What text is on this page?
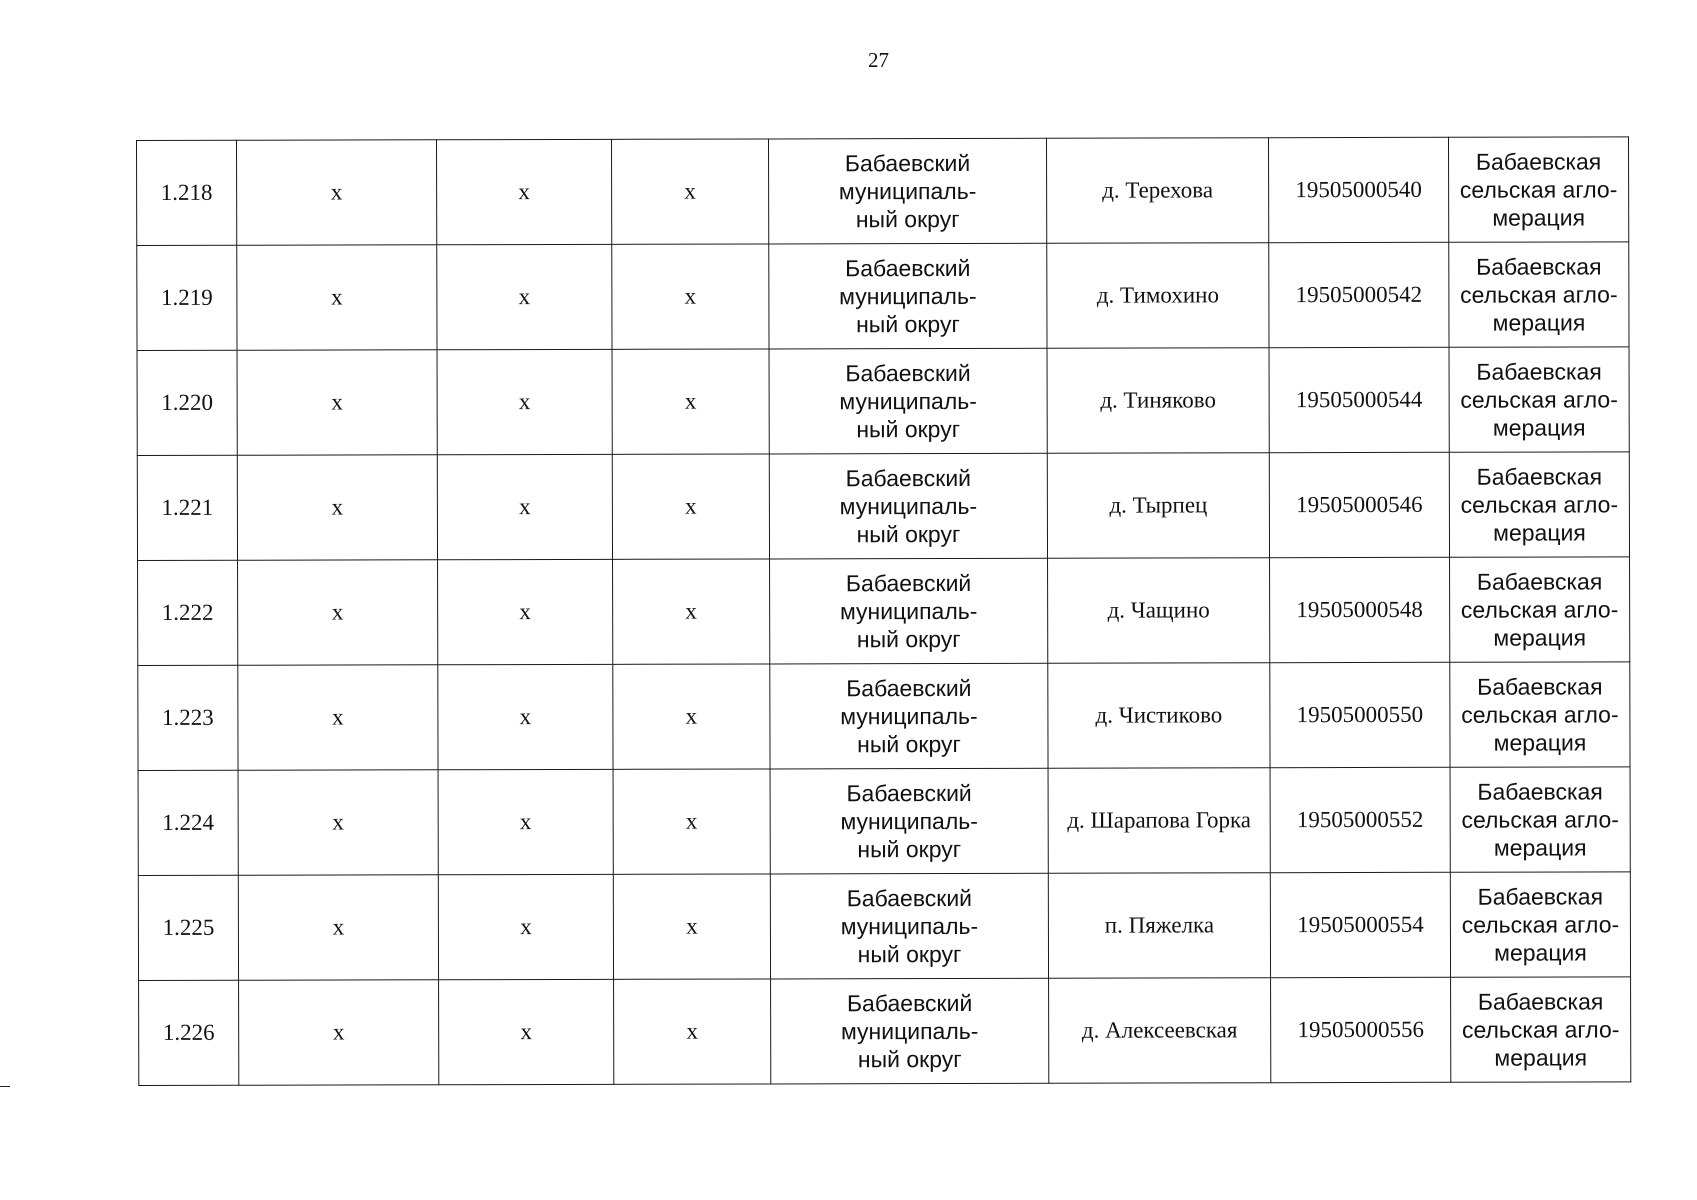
27
1.218	х	х	х	Бабаевский муниципаль-
ный округ	д. Терехова	19505000540	Бабаевская
сельская агло-
мерация

1.219	х	х	х	Бабаевский муниципаль-
ный округ	д. Тимохино	19505000542	Бабаевская
сельская агло-
мерация

1.220	х	х	х	Бабаевский муниципаль-
ный округ	д. Тиняково	19505000544	Бабаевская
сельская агло-
мерация

1.221	х	х	х	Бабаевский муниципаль-
ный округ	д. Тырпец	19505000546	Бабаевская
сельская агло-
мерация

1.222	х	х	х	Бабаевский муниципаль-
ный округ	д. Чащино	19505000548	Бабаевская
сельская агло-
мерация

1.223	х	х	х	Бабаевский муниципаль-
ный округ	д. Чистиково	19505000550	Бабаевская
сельская агло-
мерация

1.224	х	х	х	Бабаевский муниципаль-
ный округ	д. Шарапова Горка	19505000552	Бабаевская
сельская агло-
мерация

1.225	х	х	х	Бабаевский муниципаль-
ный округ	п. Пяжелка	19505000554	Бабаевская
сельская агло-
мерация

1.226	х	х	х	Бабаевский муниципаль-
ный округ	д. Алексеевская	19505000556	Бабаевская
сельская агло-
мерация
